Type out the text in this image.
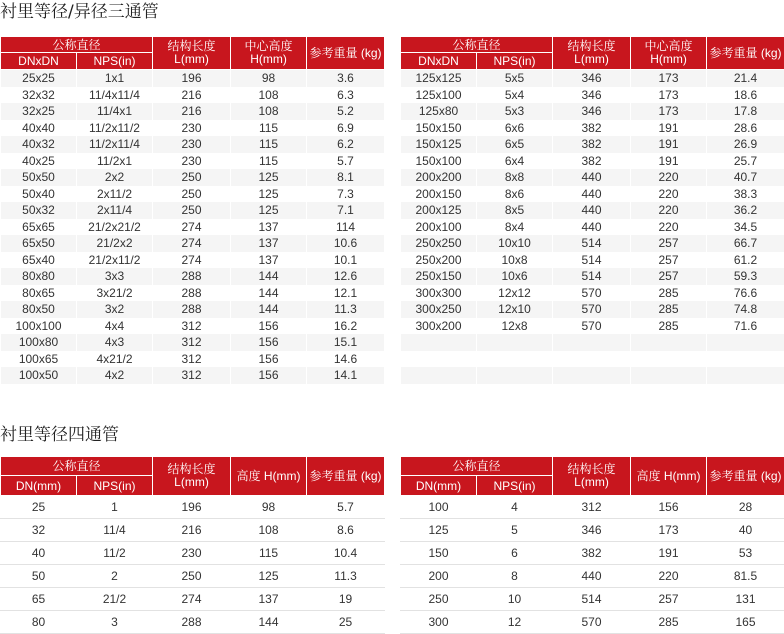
衬里等径/异径三通管
公称直径		结构长度 L(mm)	中心高度 H(mm)	参考重量 (kg)
DNxDN	NPS(in)			
25x25	1x1	196	98	3.6
32x32	11/4x11/4	216	108	6.3
32x25	11/4x1	216	108	5.2
40x40	11/2x11/2	230	115	6.9
40x32	11/2x11/4	230	115	6.2
40x25	11/2x1	230	115	5.7
50x50	2x2	250	125	8.1
50x40	2x11/2	250	125	7.3
50x32	2x11/4	250	125	7.1
65x65	21/2x21/2	274	137	114
65x50	21/2x2	274	137	10.6
65x40	21/2x11/2	274	137	10.1
80x80	3x3	288	144	12.6
80x65	3x21/2	288	144	12.1
80x50	3x2	288	144	11.3
100x100	4x4	312	156	16.2
100x80	4x3	312	156	15.1
100x65	4x21/2	312	156	14.6
100x50	4x2	312	156	14.1
公称直径		结构长度 L(mm)	中心高度 H(mm)	参考重量 (kg)
DNxDN	NPS(in)			
125x125	5x5	346	173	21.4
125x100	5x4	346	173	18.6
125x80	5x3	346	173	17.8
150x150	6x6	382	191	28.6
150x125	6x5	382	191	26.9
150x100	6x4	382	191	25.7
200x200	8x8	440	220	40.7
200x150	8x6	440	220	38.3
200x125	8x5	440	220	36.2
200x100	8x4	440	220	34.5
250x250	10x10	514	257	66.7
250x200	10x8	514	257	61.2
250x150	10x6	514	257	59.3
300x300	12x12	570	285	76.6
300x250	12x10	570	285	74.8
300x200	12x8	570	285	71.6

衬里等径四通管
公称直径		结构长度 L(mm)	高度 H(mm)	参考重量 (kg)
DN(mm)	NPS(in)			
25	1	196	98	5.7
32	11/4	216	108	8.6
40	11/2	230	115	10.4
50	2	250	125	11.3
65	21/2	274	137	19
80	3	288	144	25
公称直径		结构长度 L(mm)	高度 H(mm)	参考重量 (kg)
DN(mm)	NPS(in)			
100	4	312	156	28
125	5	346	173	40
150	6	382	191	53
200	8	440	220	81.5
250	10	514	257	131
300	12	570	285	165
